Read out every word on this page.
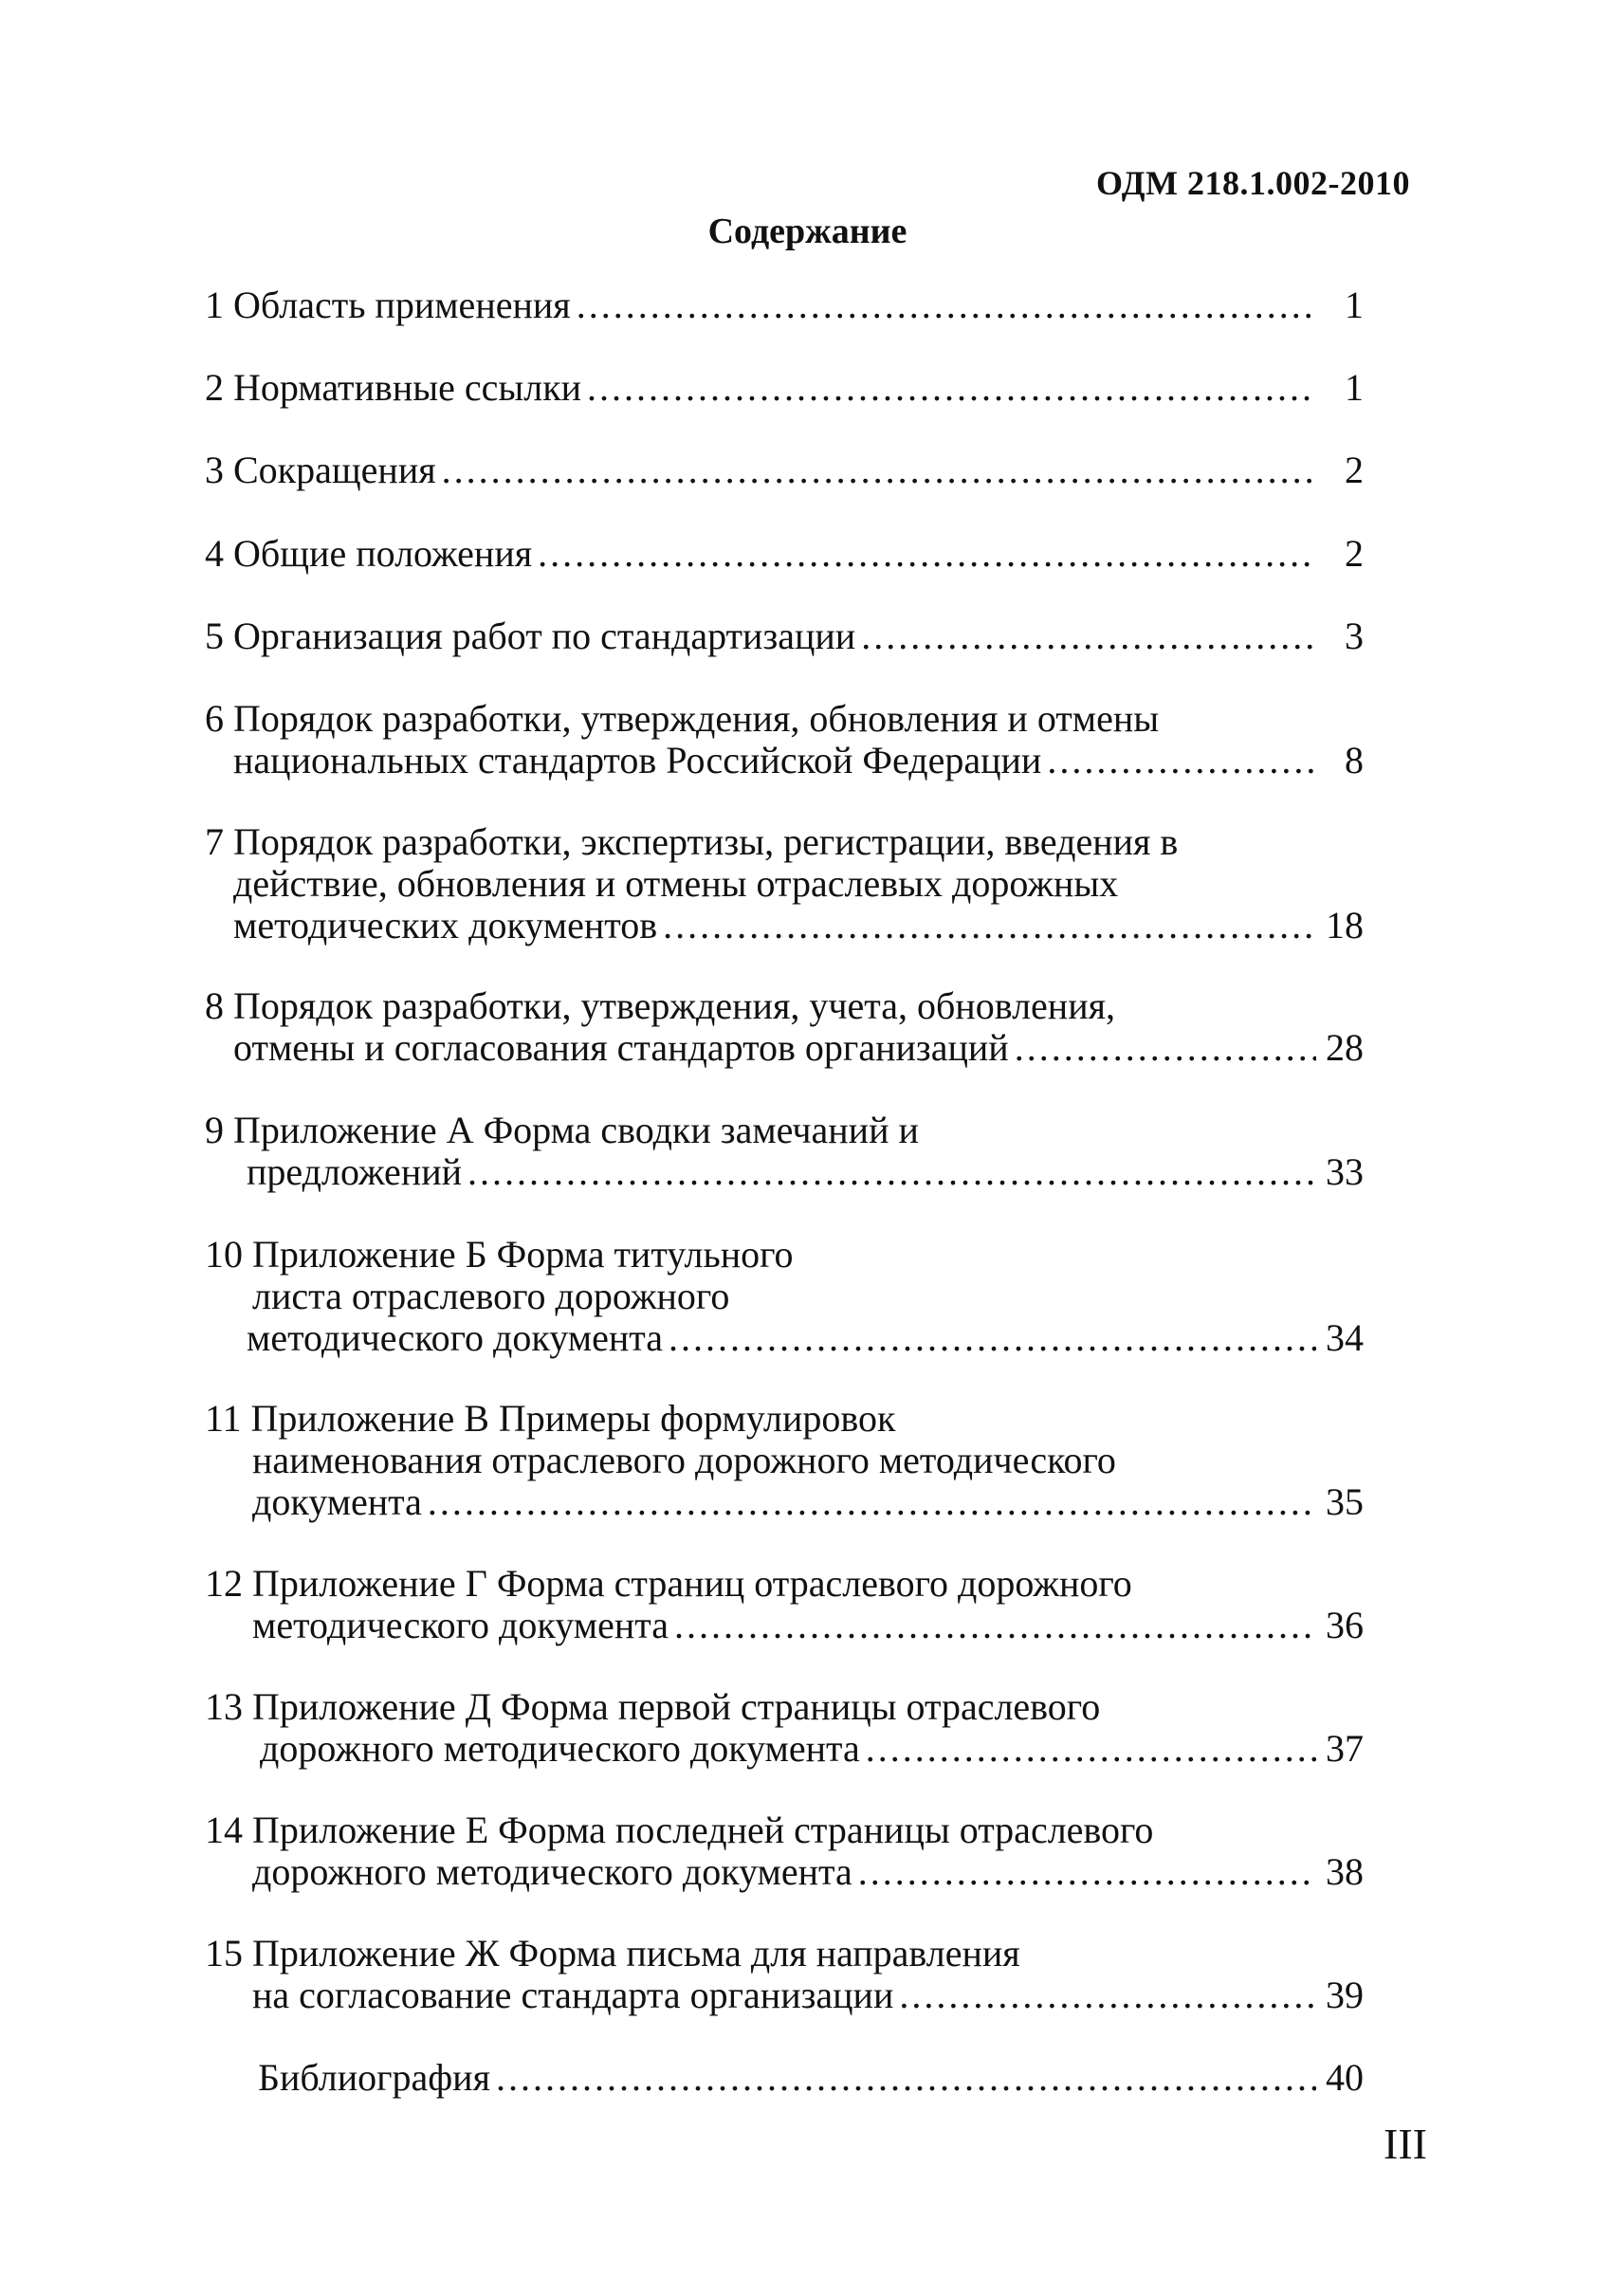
ОДМ 218.1.002-2010
Содержание
1 Область применения .....	1
2 Нормативные ссылки .....	1
3 Сокращения .....	2
4 Общие положения .....	2
5 Организация работ по стандартизации .....	3
6 Порядок разработки, утверждения, обновления и отмены
национальных стандартов Российской Федерации .....	8
7 Порядок разработки, экспертизы, регистрации, введения в
действие, обновления и отмены отраслевых дорожных
методических документов .....	18
8 Порядок разработки, утверждения, учета, обновления,
отмены и согласования стандартов организаций .....	28
9 Приложение А Форма сводки замечаний и
предложений .....	33
10 Приложение Б Форма титульного
листа отраслевого дорожного
методического документа .....	34
11 Приложение В Примеры формулировок
наименования отраслевого дорожного методического
документа .....	35
12 Приложение Г Форма страниц отраслевого дорожного
методического документа .....	36
13 Приложение Д Форма первой страницы отраслевого
дорожного методического документа .....	37
14 Приложение Е Форма последней страницы отраслевого
дорожного методического документа .....	38
15 Приложение Ж Форма письма для направления
на согласование стандарта организации .....	39
Библиография .....	40
III
